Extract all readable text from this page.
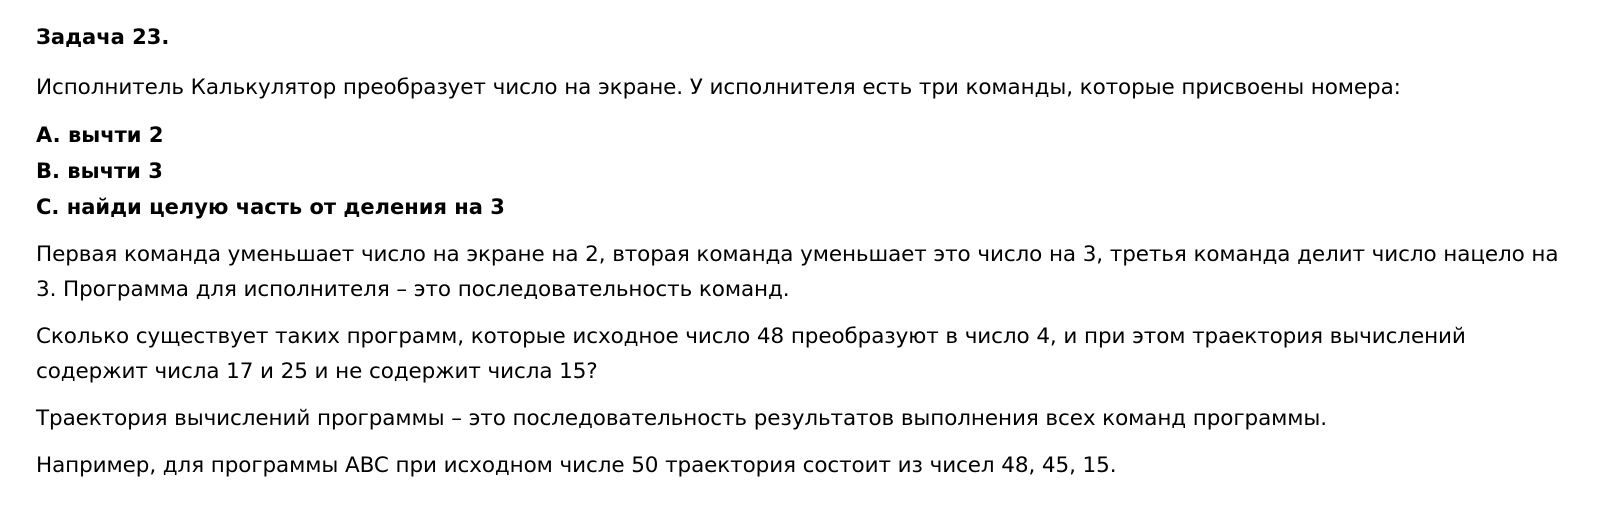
Задача 23.
Исполнитель Калькулятор преобразует число на экране. У исполнителя есть три команды, которые присвоены номера:
A. вычти 2
B. вычти 3
C. найди целую часть от деления на 3
Первая команда уменьшает число на экране на 2, вторая команда уменьшает это число на 3, третья команда делит число нацело на 3. Программа для исполнителя – это последовательность команд.
Сколько существует таких программ, которые исходное число 48 преобразуют в число 4, и при этом траектория вычислений содержит числа 17 и 25 и не содержит числа 15?
Траектория вычислений программы – это последовательность результатов выполнения всех команд программы.
Например, для программы ABC при исходном числе 50 траектория состоит из чисел 48, 45, 15.
